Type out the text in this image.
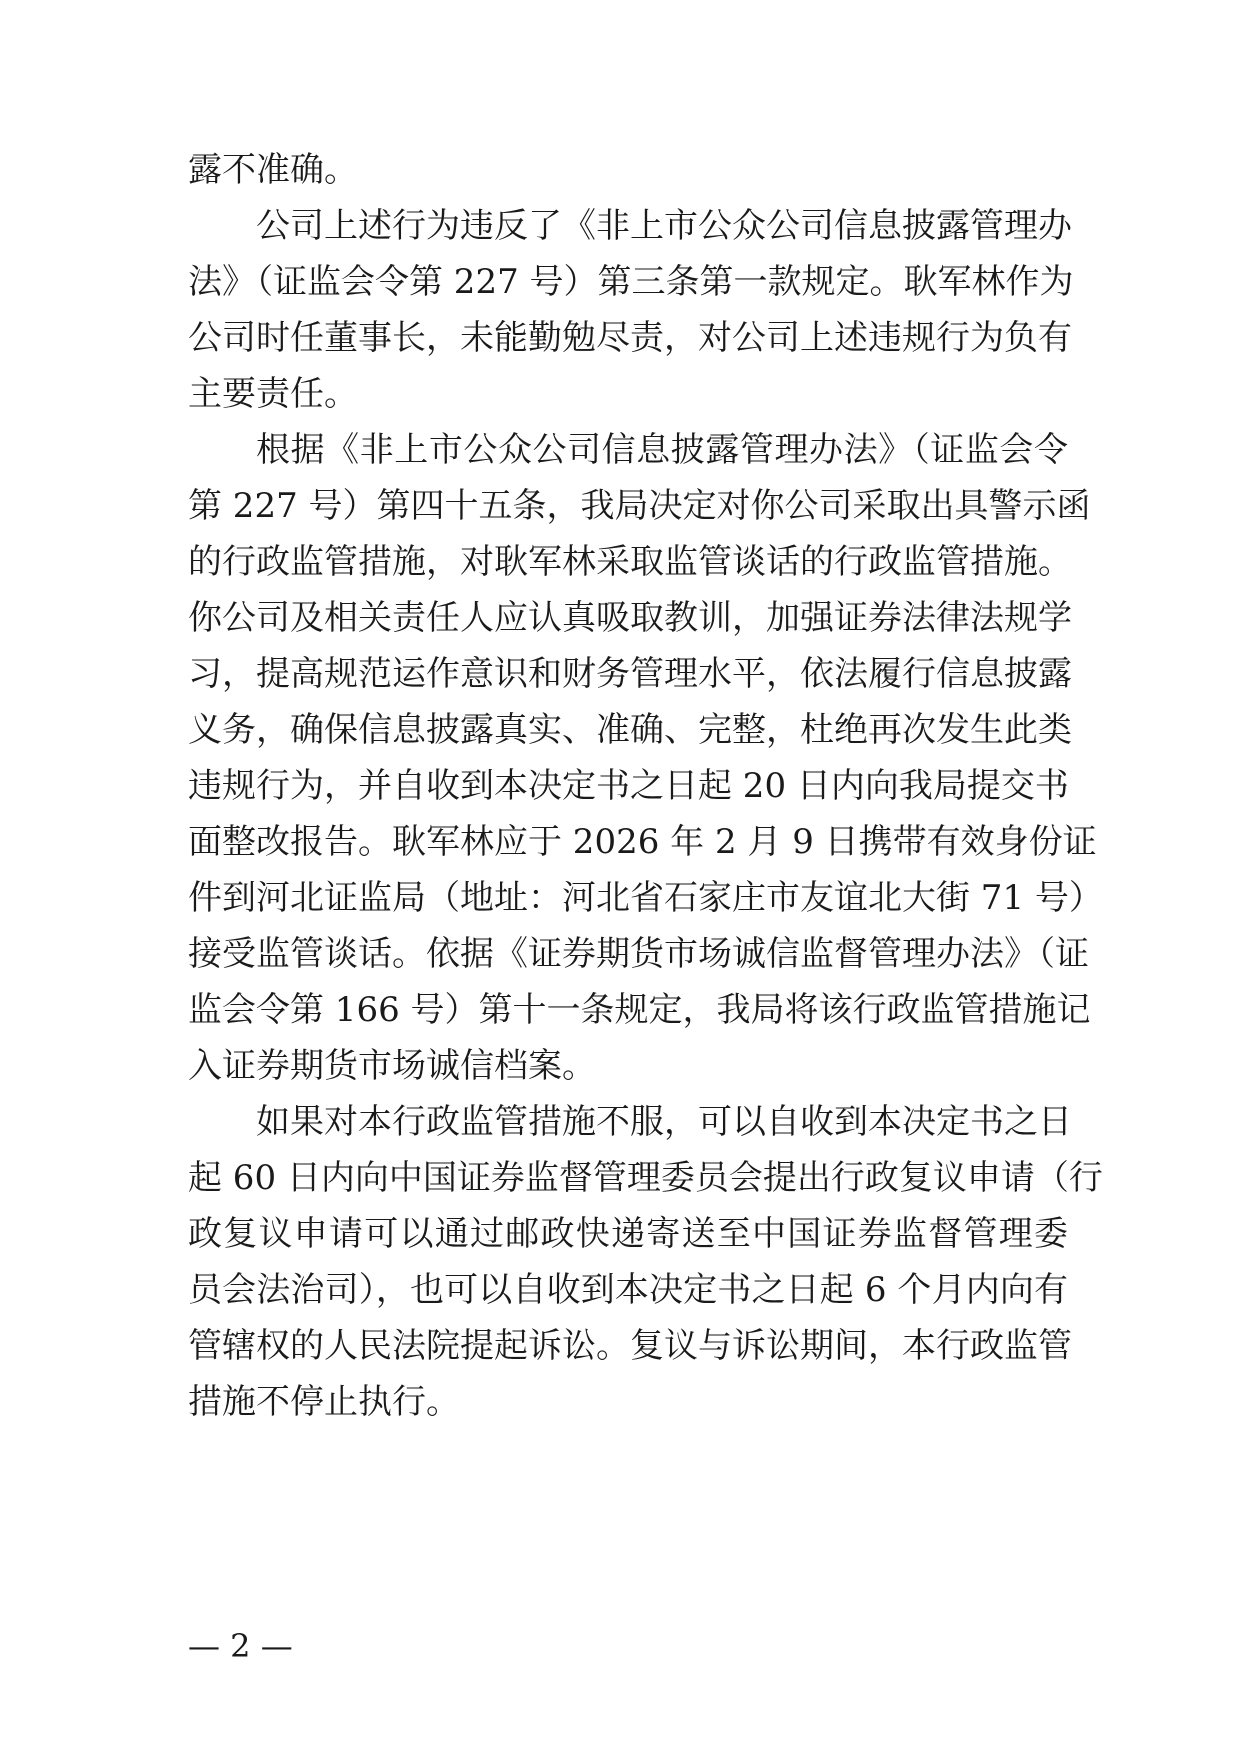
露不准确。
公司上述行为违反了《非上市公众公司信息披露管理办
法》（证监会令第 227 号）第三条第一款规定。耿军林作为
公司时任董事长，未能勤勉尽责，对公司上述违规行为负有
主要责任。
根据《非上市公众公司信息披露管理办法》（证监会令
第 227 号）第四十五条，我局决定对你公司采取出具警示函
的行政监管措施，对耿军林采取监管谈话的行政监管措施。
你公司及相关责任人应认真吸取教训，加强证券法律法规学
习，提高规范运作意识和财务管理水平，依法履行信息披露
义务，确保信息披露真实、准确、完整，杜绝再次发生此类
违规行为，并自收到本决定书之日起 20 日内向我局提交书
面整改报告。耿军林应于 2026 年 2 月 9 日携带有效身份证
件到河北证监局（地址：河北省石家庄市友谊北大街 71 号）
接受监管谈话。依据《证券期货市场诚信监督管理办法》（证
监会令第 166 号）第十一条规定，我局将该行政监管措施记
入证券期货市场诚信档案。
如果对本行政监管措施不服，可以自收到本决定书之日
起 60 日内向中国证券监督管理委员会提出行政复议申请（行
政复议申请可以通过邮政快递寄送至中国证券监督管理委
员会法治司），也可以自收到本决定书之日起 6 个月内向有
管辖权的人民法院提起诉讼。复议与诉讼期间，本行政监管
措施不停止执行。
— 2 —
